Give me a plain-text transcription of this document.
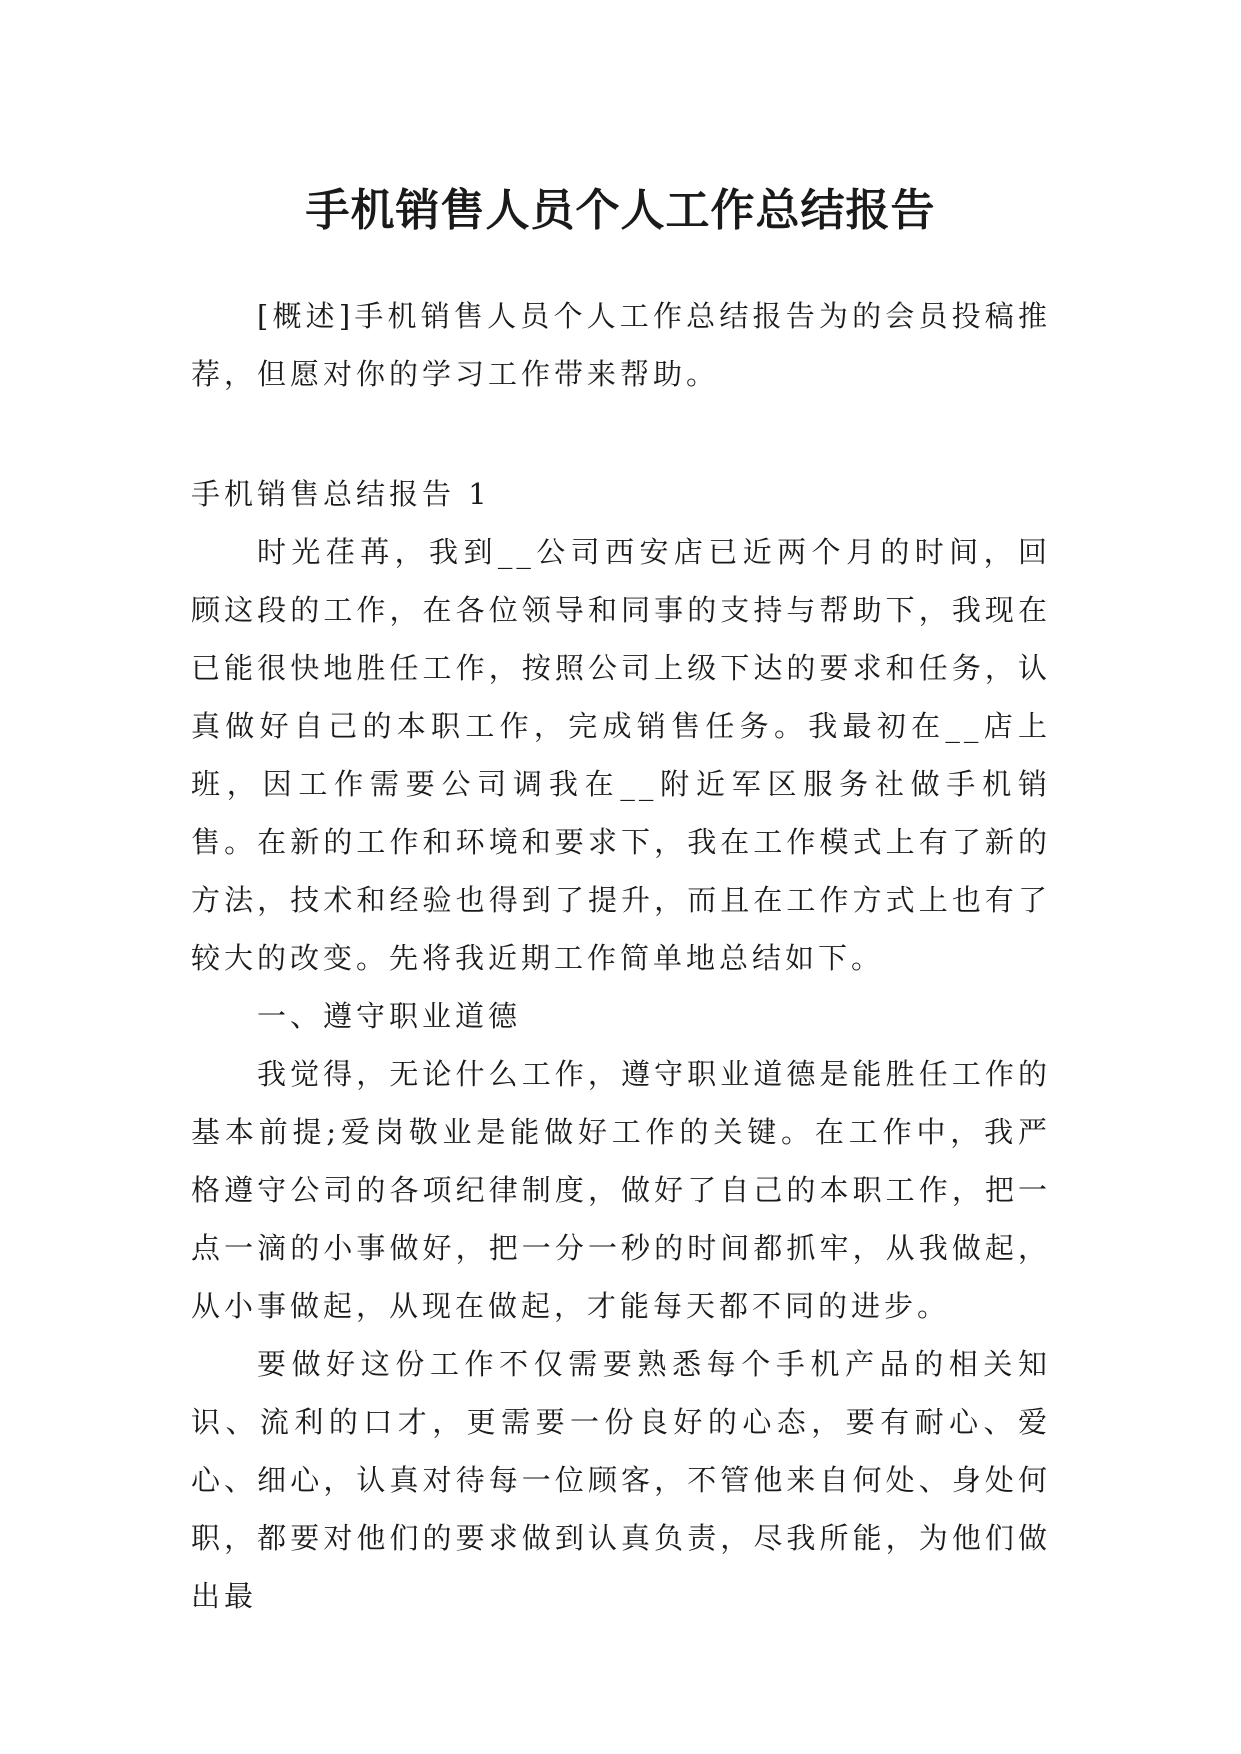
手机销售人员个人工作总结报告

[概述]手机销售人员个人工作总结报告为的会员投稿推荐，但愿对你的学习工作带来帮助。

手机销售总结报告 1

时光荏苒，我到__公司西安店已近两个月的时间，回顾这段的工作，在各位领导和同事的支持与帮助下，我现在已能很快地胜任工作，按照公司上级下达的要求和任务，认真做好自己的本职工作，完成销售任务。我最初在__店上班，因工作需要公司调我在__附近军区服务社做手机销售。在新的工作和环境和要求下，我在工作模式上有了新的方法，技术和经验也得到了提升，而且在工作方式上也有了较大的改变。先将我近期工作简单地总结如下。

一、遵守职业道德

我觉得，无论什么工作，遵守职业道德是能胜任工作的基本前提;爱岗敬业是能做好工作的关键。在工作中，我严格遵守公司的各项纪律制度，做好了自己的本职工作，把一点一滴的小事做好，把一分一秒的时间都抓牢，从我做起，从小事做起，从现在做起，才能每天都不同的进步。

要做好这份工作不仅需要熟悉每个手机产品的相关知识、流利的口才，更需要一份良好的心态，要有耐心、爱心、细心，认真对待每一位顾客，不管他来自何处、身处何职，都要对他们的要求做到认真负责，尽我所能，为他们做出最
